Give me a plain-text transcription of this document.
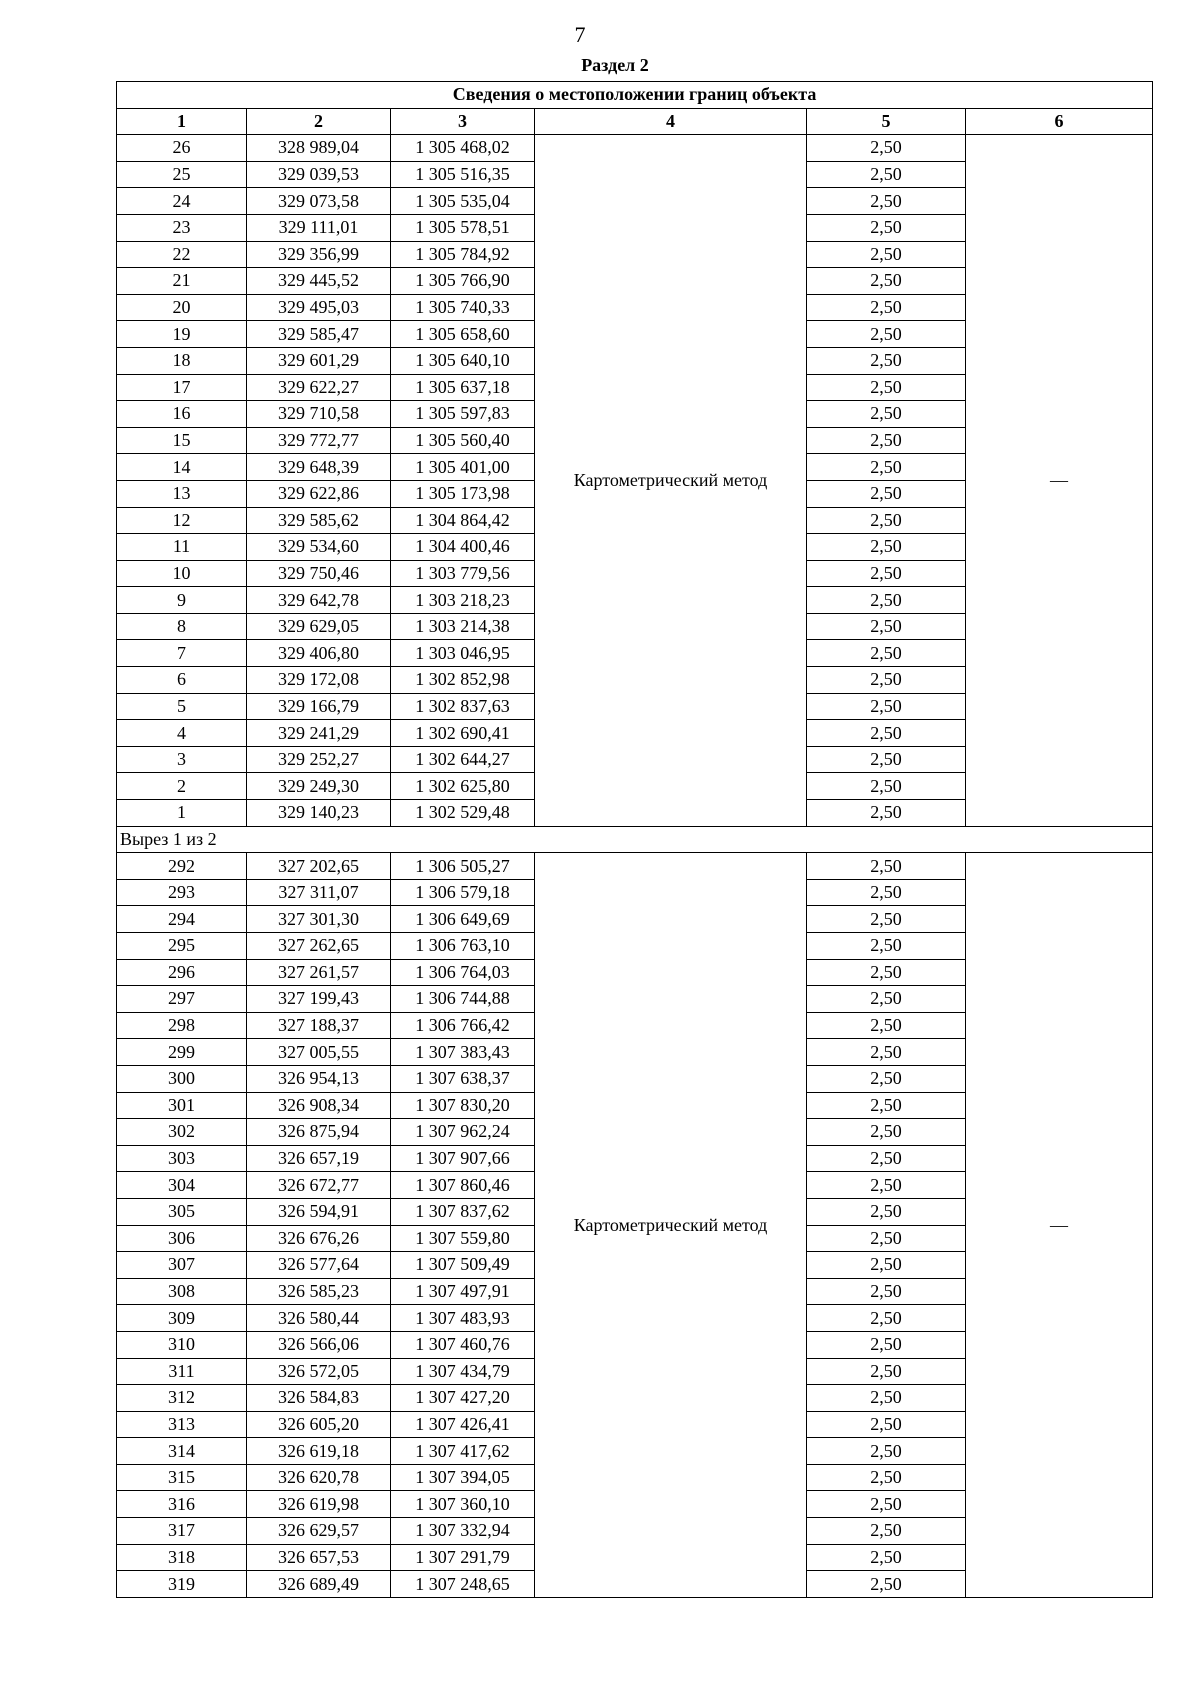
7
Раздел 2
Сведения о местоположении границ объекта					
1	2	3	4	5	6
26	328 989,04	1 305 468,02	Картометрический метод	2,50	—
25	329 039,53	1 305 516,35		2,50	
24	329 073,58	1 305 535,04		2,50	
23	329 111,01	1 305 578,51		2,50	
22	329 356,99	1 305 784,92		2,50	
21	329 445,52	1 305 766,90		2,50	
20	329 495,03	1 305 740,33		2,50	
19	329 585,47	1 305 658,60		2,50	
18	329 601,29	1 305 640,10		2,50	
17	329 622,27	1 305 637,18		2,50	
16	329 710,58	1 305 597,83		2,50	
15	329 772,77	1 305 560,40		2,50	
14	329 648,39	1 305 401,00		2,50	
13	329 622,86	1 305 173,98		2,50	
12	329 585,62	1 304 864,42		2,50	
11	329 534,60	1 304 400,46		2,50	
10	329 750,46	1 303 779,56		2,50	
9	329 642,78	1 303 218,23		2,50	
8	329 629,05	1 303 214,38		2,50	
7	329 406,80	1 303 046,95		2,50	
6	329 172,08	1 302 852,98		2,50	
5	329 166,79	1 302 837,63		2,50	
4	329 241,29	1 302 690,41		2,50	
3	329 252,27	1 302 644,27		2,50	
2	329 249,30	1 302 625,80		2,50	
1	329 140,23	1 302 529,48		2,50	
Вырез 1 из 2					
292	327 202,65	1 306 505,27	Картометрический метод	2,50	—
293	327 311,07	1 306 579,18		2,50	
294	327 301,30	1 306 649,69		2,50	
295	327 262,65	1 306 763,10		2,50	
296	327 261,57	1 306 764,03		2,50	
297	327 199,43	1 306 744,88		2,50	
298	327 188,37	1 306 766,42		2,50	
299	327 005,55	1 307 383,43		2,50	
300	326 954,13	1 307 638,37		2,50	
301	326 908,34	1 307 830,20		2,50	
302	326 875,94	1 307 962,24		2,50	
303	326 657,19	1 307 907,66		2,50	
304	326 672,77	1 307 860,46		2,50	
305	326 594,91	1 307 837,62		2,50	
306	326 676,26	1 307 559,80		2,50	
307	326 577,64	1 307 509,49		2,50	
308	326 585,23	1 307 497,91		2,50	
309	326 580,44	1 307 483,93		2,50	
310	326 566,06	1 307 460,76		2,50	
311	326 572,05	1 307 434,79		2,50	
312	326 584,83	1 307 427,20		2,50	
313	326 605,20	1 307 426,41		2,50	
314	326 619,18	1 307 417,62		2,50	
315	326 620,78	1 307 394,05		2,50	
316	326 619,98	1 307 360,10		2,50	
317	326 629,57	1 307 332,94		2,50	
318	326 657,53	1 307 291,79		2,50	
319	326 689,49	1 307 248,65		2,50	
